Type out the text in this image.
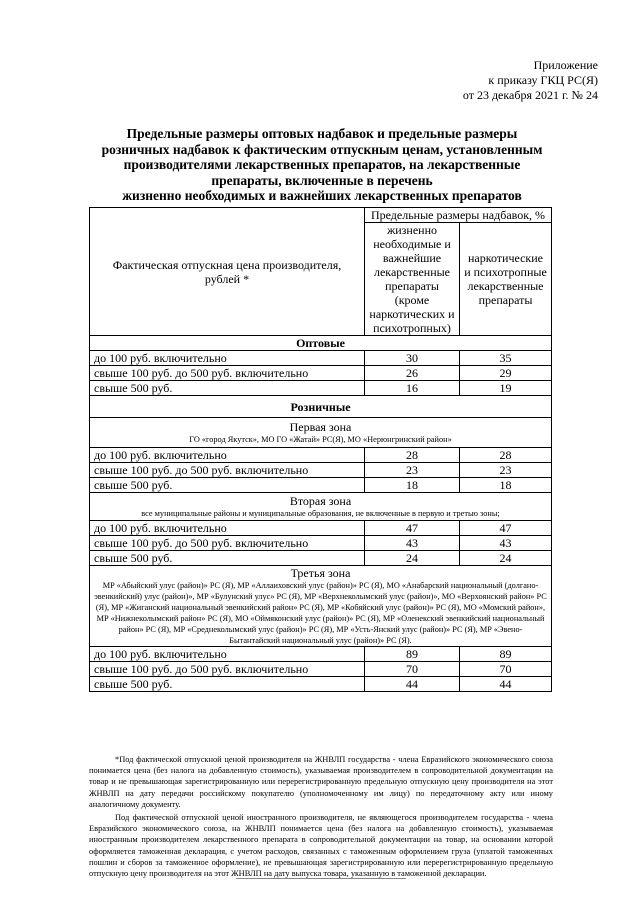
Приложение
к приказу ГКЦ РС(Я)
от 23 декабря 2021 г. № 24
Предельные размеры оптовых надбавок и предельные размеры
розничных надбавок к фактическим отпускным ценам, установленным
производителями лекарственных препаратов, на лекарственные
препараты, включенные в перечень
жизненно необходимых и важнейших лекарственных препаратов
Фактическая отпускная цена производителя, рублей *	Предельные размеры надбавок, %	
	жизненно необходимые и важнейшие лекарственные препараты (кроме наркотических и психотропных)	наркотические и психотропные лекарственные препараты
Оптовые		
до 100 руб. включительно	30	35
свыше 100 руб. до 500 руб. включительно	26	29
свыше 500 руб.	16	19
Розничные		

Первая зона
ГО «город Якутск», МО ГО «Жатай» РС(Я), МО «Нерюнгринский район»		

до 100 руб. включительно	28	28
свыше 100 руб. до 500 руб. включительно	23	23
свыше 500 руб.	18	18

Вторая зона
все муниципальные районы и муниципальные образования, не включенные в первую и третью зоны;		

до 100 руб. включительно	47	47
свыше 100 руб. до 500 руб. включительно	43	43
свыше 500 руб.	24	24

Третья зона
МР «Абыйский улус (район)» РС (Я), МР «Аллаиховский улус (район)» РС (Я), МО «Анабарский национальный (долгано-эвенкийский) улус (район)», МР «Булунский улус» РС (Я), МР «Верхнеколымский улус (район)», МО «Верхоянский район» РС (Я), МР «Жиганский национальный эвенкийский район» РС (Я), МР «Кобяйский улус (район)» РС (Я), МО «Момский район», МР «Нижнеколымский район» РС (Я), МО «Оймяконский улус (район)» РС (Я), МР «Оленекский эвенкийский национальный район» РС (Я), МР «Среднеколымский улус (район)» РС (Я), МР «Усть-Янский улус (район)» РС (Я), МР «Эвено-Бытантайский национальный улус (район)» РС (Я).		

до 100 руб. включительно	89	89
свыше 100 руб. до 500 руб. включительно	70	70
свыше 500 руб.	44	44

*Под фактической отпускной ценой производителя на ЖНВЛП государства - члена Евразийского экономического союза понимается цена (без налога на добавленную стоимость), указываемая производителем в сопроводительной документации на товар и не превышающая зарегистрированную или перерегистрированную предельную отпускную цену производителя на этот ЖНВЛП на дату передачи российскому покупателю (уполномоченному им лицу) по передаточному акту или иному аналогичному документу.

Под фактической отпускной ценой иностранного производителя, не являющегося производителем государства - члена Евразийского экономического союза, на ЖНВЛП понимается цена (без налога на добавленную стоимость), указываемая иностранным производителем лекарственного препарата в сопроводительной документации на товар, на основании которой оформляется таможенная декларация, с учетом расходов, связанных с таможенным оформлением груза (уплатой таможенных пошлин и сборов за таможенное оформление), не превышающая зарегистрированную или перерегистрированную предельную отпускную цену производителя на этот ЖНВЛП на дату выпуска товара, указанную в таможенной декларации.
